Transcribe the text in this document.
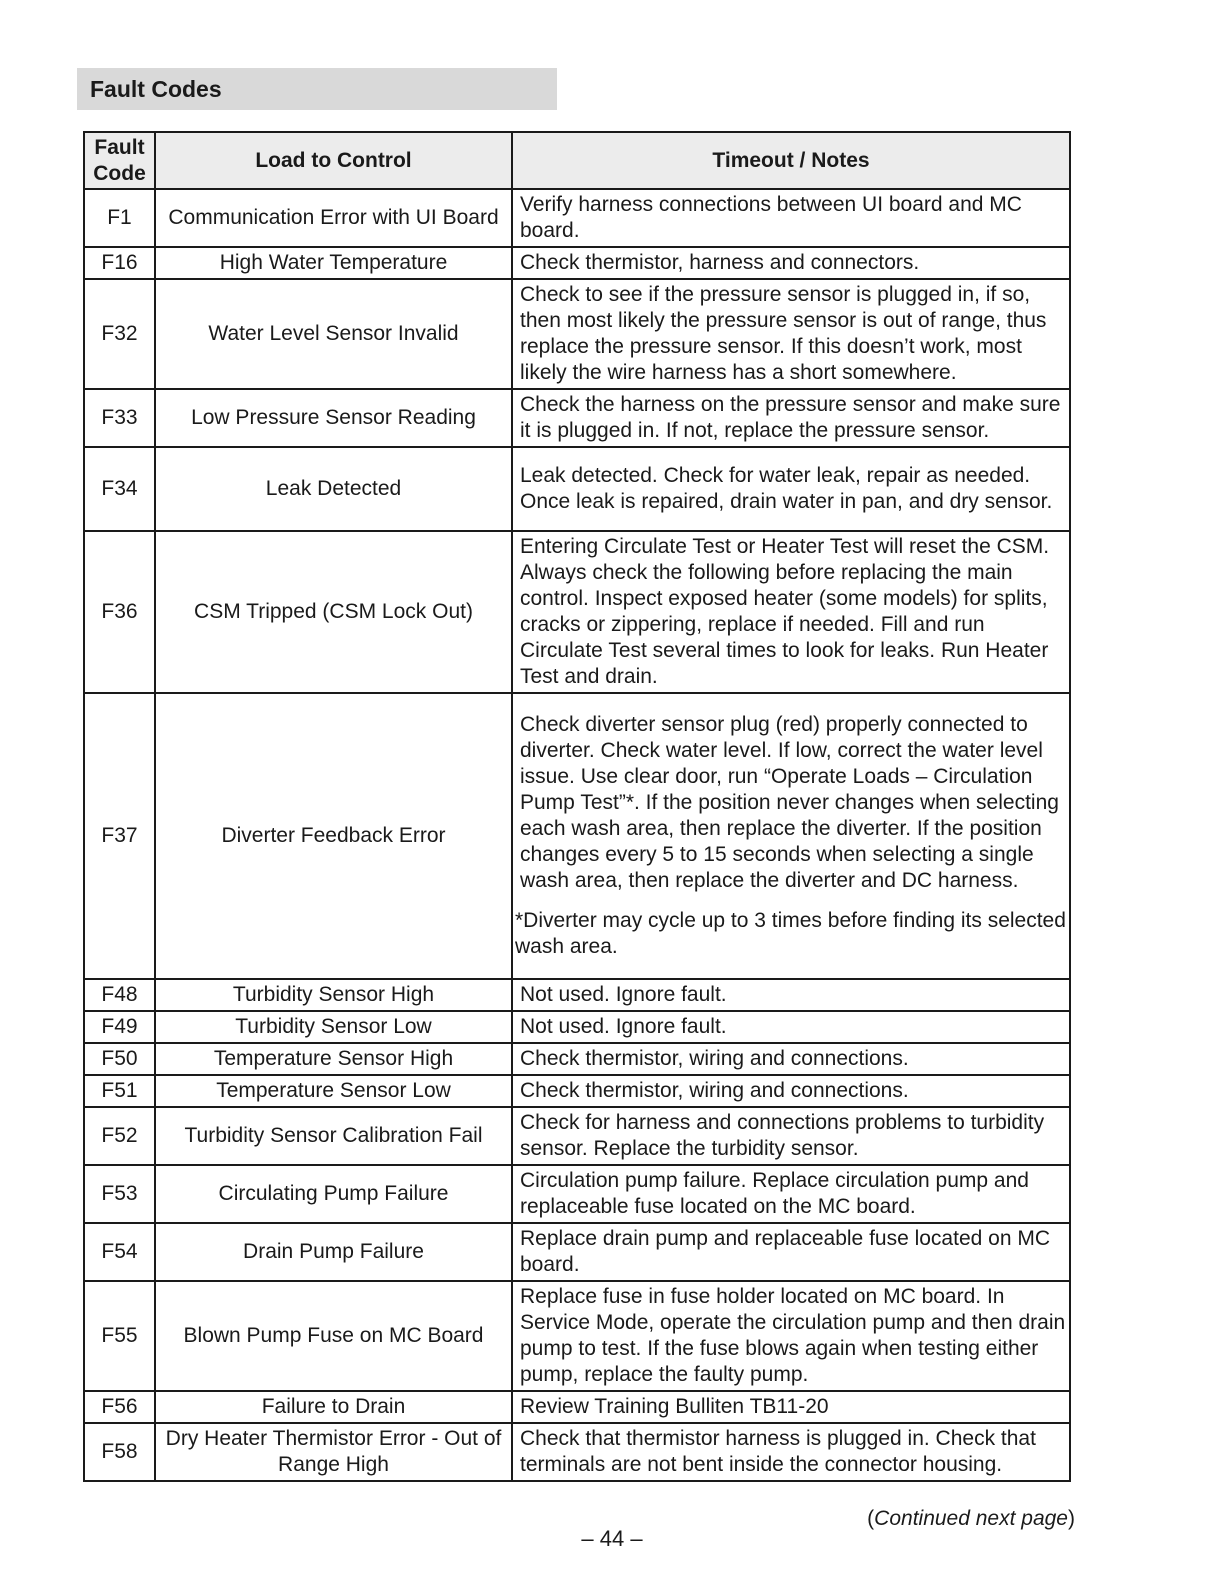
Fault Codes
Fault Code	Load to Control	Timeout / Notes
F1	Communication Error with UI Board	Verify harness connections between UI board and MC board.
F16	High Water Temperature	Check thermistor, harness and connectors.
F32	Water Level Sensor Invalid	Check to see if the pressure sensor is plugged in, if so, then most likely the pressure sensor is out of range, thus replace the pressure sensor. If this doesn’t work, most likely the wire harness has a short somewhere.
F33	Low Pressure Sensor Reading	Check the harness on the pressure sensor and make sure it is plugged in. If not, replace the pressure sensor.
F34	Leak Detected	Leak detected. Check for water leak, repair as needed. Once leak is repaired, drain water in pan, and dry sensor.
F36	CSM Tripped (CSM Lock Out)	Entering Circulate Test or Heater Test will reset the CSM. Always check the following before replacing the main control. Inspect exposed heater (some models) for splits, cracks or zippering, replace if needed. Fill and run Circulate Test several times to look for leaks. Run Heater Test and drain.
F37	Diverter Feedback Error	Check diverter sensor plug (red) properly connected to diverter. Check water level. If low, correct the water level issue. Use clear door, run “Operate Loads – Circulation Pump Test”*. If the position never changes when selecting each wash area, then replace the diverter. If the position changes every 5 to 15 seconds when selecting a single wash area, then replace the diverter and DC harness.
*Diverter may cycle up to 3 times before finding its selected wash area.

F48	Turbidity Sensor High	Not used. Ignore fault.
F49	Turbidity Sensor Low	Not used. Ignore fault.
F50	Temperature Sensor High	Check thermistor, wiring and connections.
F51	Temperature Sensor Low	Check thermistor, wiring and connections.
F52	Turbidity Sensor Calibration Fail	Check for harness and connections problems to turbidity sensor. Replace the turbidity sensor.
F53	Circulating Pump Failure	Circulation pump failure. Replace circulation pump and replaceable fuse located on the MC board.
F54	Drain Pump Failure	Replace drain pump and replaceable fuse located on MC board.
F55	Blown Pump Fuse on MC Board	Replace fuse in fuse holder located on MC board. In Service Mode, operate the circulation pump and then drain pump to test. If the fuse blows again when testing either pump, replace the faulty pump.
F56	Failure to Drain	Review Training Bulliten TB11-20
F58	Dry Heater Thermistor Error - Out of Range High	Check that thermistor harness is plugged in. Check that terminals are not bent inside the connector housing.
(Continued next page)
– 44 –
